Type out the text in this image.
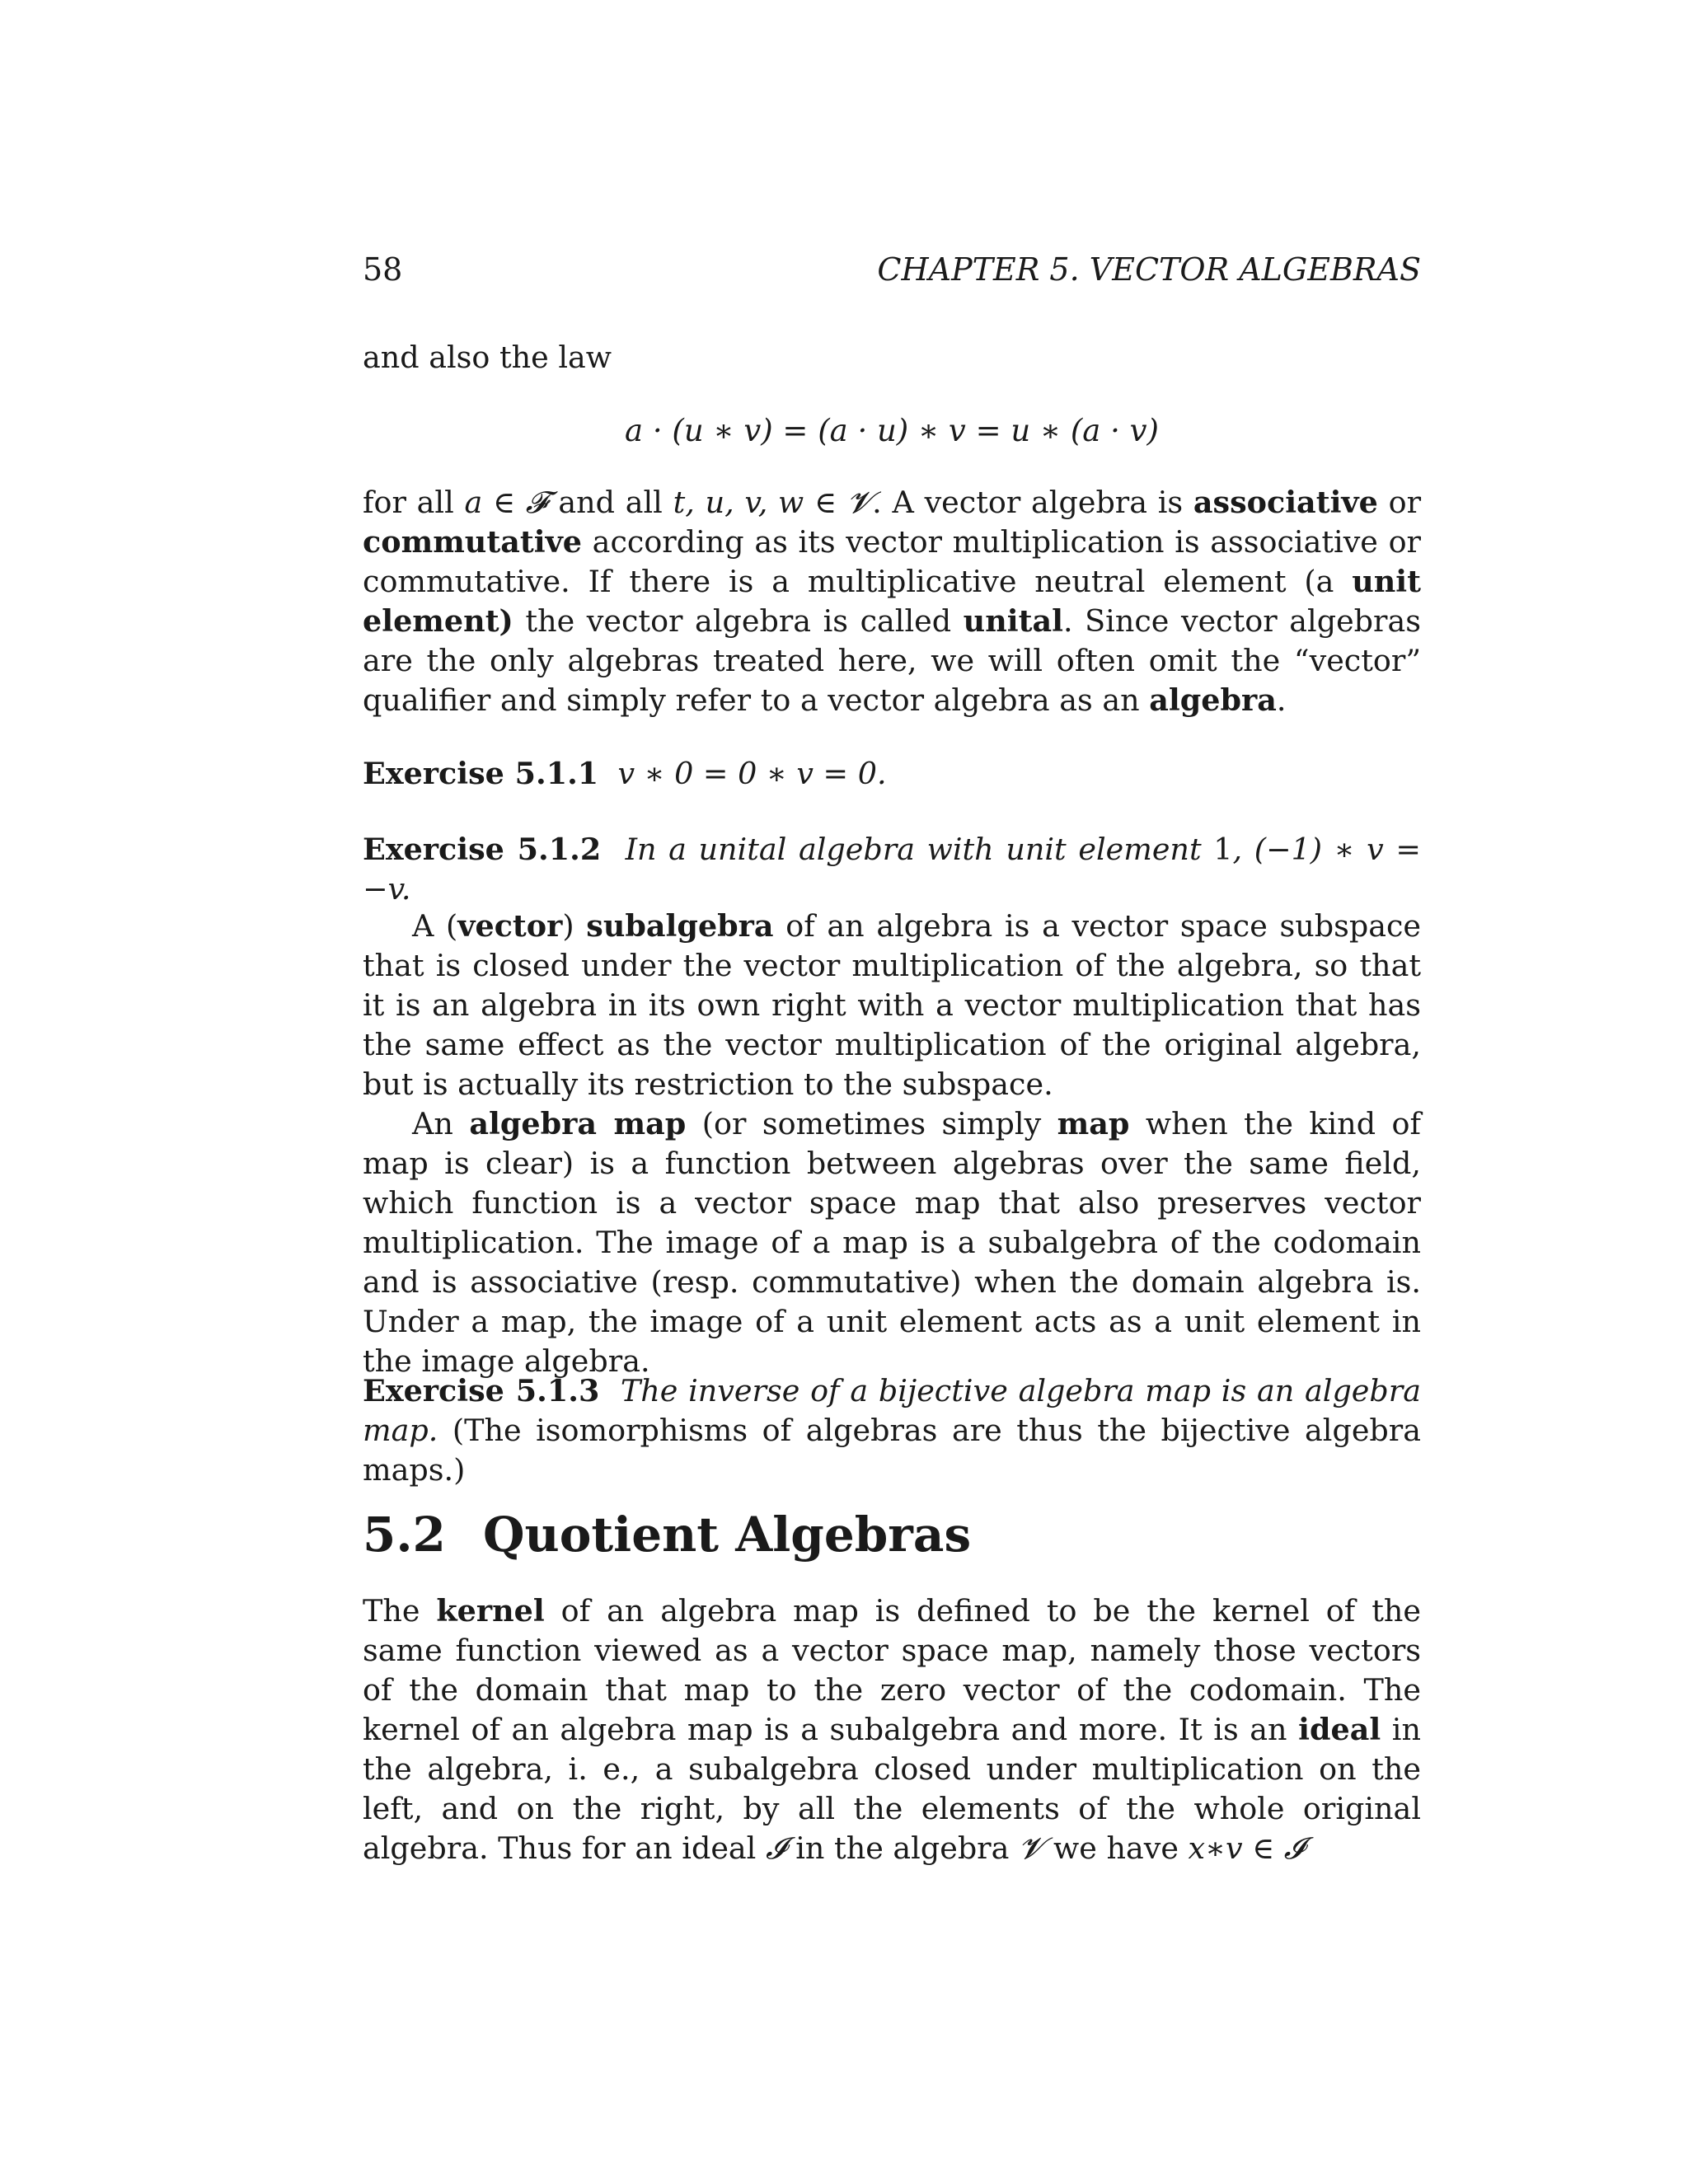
58	CHAPTER 5. VECTOR ALGEBRAS

and also the law

a · (u ∗ v) = (a · u) ∗ v = u ∗ (a · v)

for all a ∈ 𝓕 and all t, u, v, w ∈ 𝓥. A vector algebra is associative or commutative according as its vector multiplication is associative or commutative. If there is a multiplicative neutral element (a unit element) the vector algebra is called unital. Since vector algebras are the only algebras treated here, we will often omit the “vector” qualifier and simply refer to a vector algebra as an algebra.

Exercise 5.1.1 v ∗ 0 = 0 ∗ v = 0.

Exercise 5.1.2 In a unital algebra with unit element 1, (−1) ∗ v = −v.

A (vector) subalgebra of an algebra is a vector space subspace that is closed under the vector multiplication of the algebra, so that it is an algebra in its own right with a vector multiplication that has the same effect as the vector multiplication of the original algebra, but is actually its restriction to the subspace.

An algebra map (or sometimes simply map when the kind of map is clear) is a function between algebras over the same field, which function is a vector space map that also preserves vector multiplication. The image of a map is a subalgebra of the codomain and is associative (resp. commutative) when the domain algebra is. Under a map, the image of a unit element acts as a unit element in the image algebra.

Exercise 5.1.3 The inverse of a bijective algebra map is an algebra map. (The isomorphisms of algebras are thus the bijective algebra maps.)

5.2 Quotient Algebras

The kernel of an algebra map is defined to be the kernel of the same function viewed as a vector space map, namely those vectors of the domain that map to the zero vector of the codomain. The kernel of an algebra map is a subalgebra and more. It is an ideal in the algebra, i. e., a subalgebra closed under multiplication on the left, and on the right, by all the elements of the whole original algebra. Thus for an ideal 𝓘 in the algebra 𝓥 we have x∗v ∈ 𝓘
